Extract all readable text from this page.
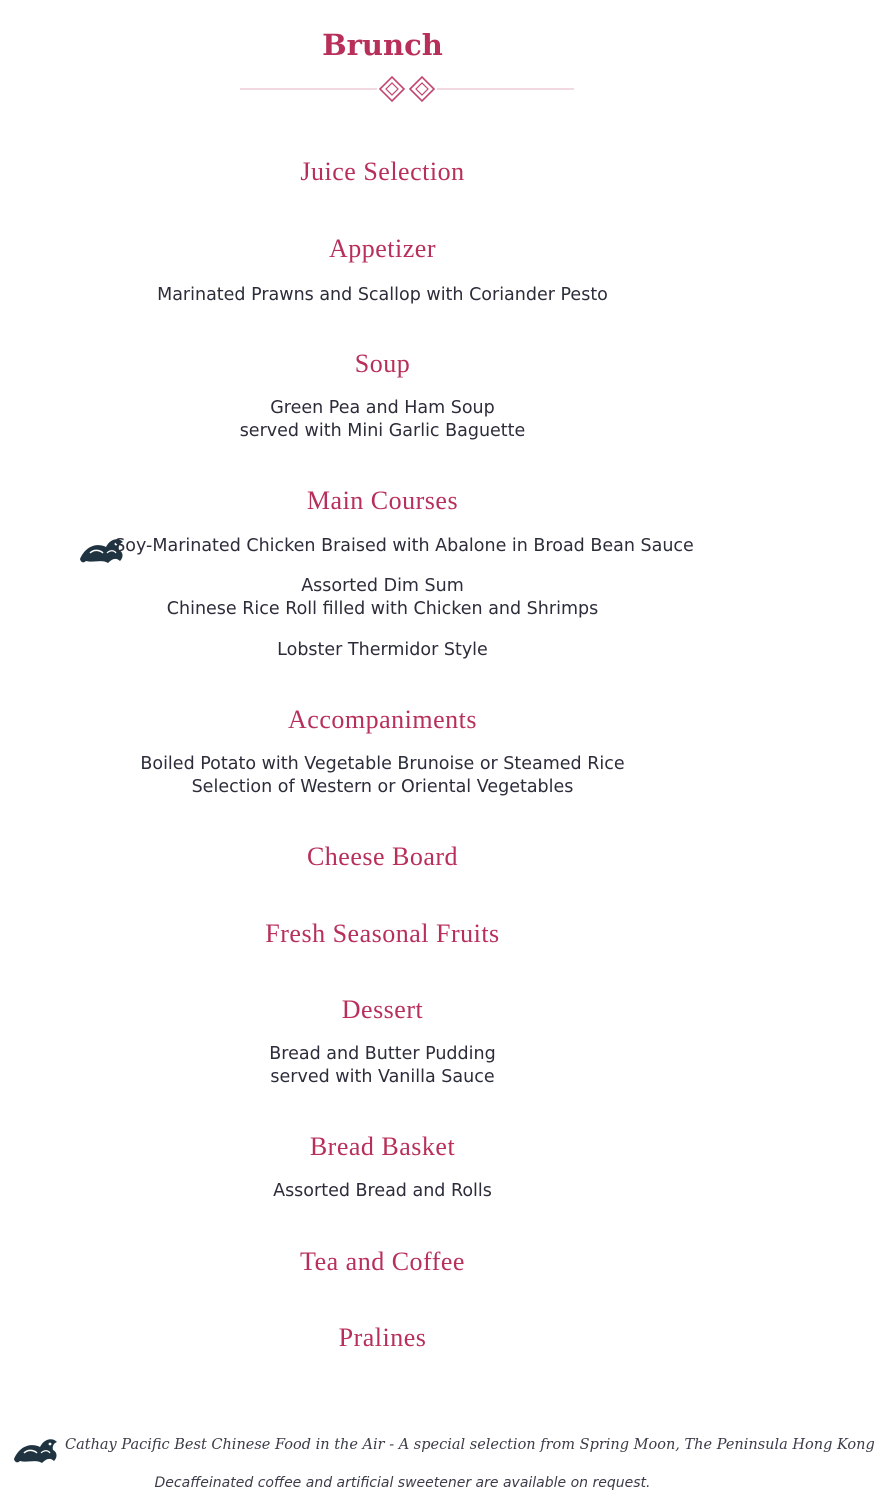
Brunch
Juice Selection
Appetizer
Marinated Prawns and Scallop with Coriander Pesto
Soup
Green Pea and Ham Soup
served with Mini Garlic Baguette
Main Courses
Soy-Marinated Chicken Braised with Abalone in Broad Bean Sauce
Assorted Dim Sum
Chinese Rice Roll filled with Chicken and Shrimps
Lobster Thermidor Style
Accompaniments
Boiled Potato with Vegetable Brunoise or Steamed Rice
Selection of Western or Oriental Vegetables
Cheese Board
Fresh Seasonal Fruits
Dessert
Bread and Butter Pudding
served with Vanilla Sauce
Bread Basket
Assorted Bread and Rolls
Tea and Coffee
Pralines
Cathay Pacific Best Chinese Food in the Air - A special selection from Spring Moon, The Peninsula Hong Kong
Decaffeinated coffee and artificial sweetener are available on request.
